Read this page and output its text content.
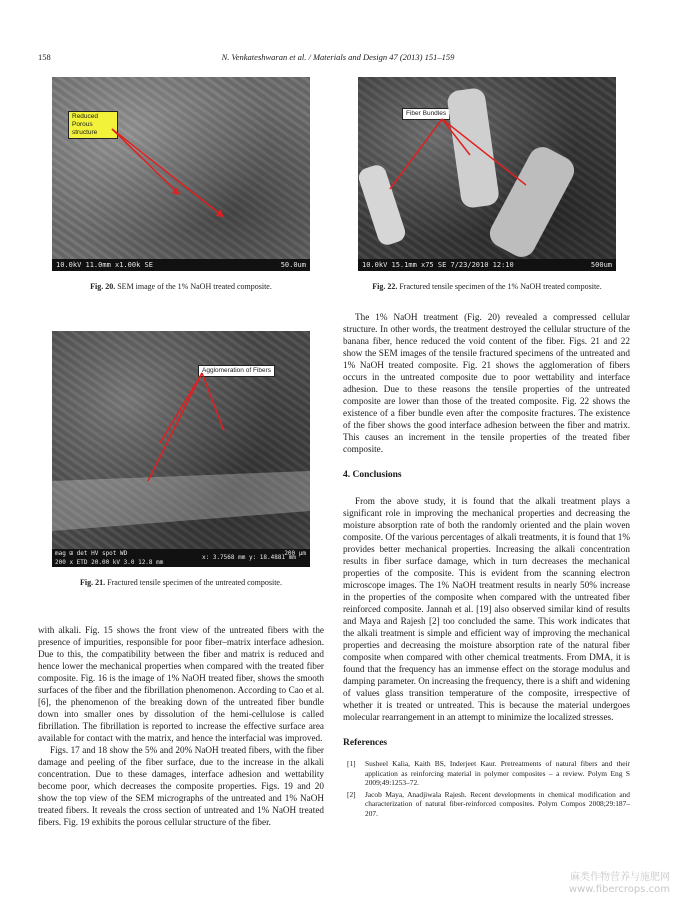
158	N. Venkateshwaran et al. / Materials and Design 47 (2013) 151–159
Reduced Porous structure
10.0kV 11.0mm x1.00k SE	50.0um
Fig. 20. SEM image of the 1% NaOH treated composite.
Fiber Bundles
10.0kV 15.1mm x75 SE 7/23/2010 12:10	500um
Fig. 22. Fractured tensile specimen of the 1% NaOH treated composite.
Agglomeration of Fibers
mag ⊞ det HV spot WD
200 x ETD 20.00 kV 3.0 12.8 mm
x: 3.7568 mm y: 18.4881 mm
200 μm
Fig. 21. Fractured tensile specimen of the untreated composite.

with alkali. Fig. 15 shows the front view of the untreated fibers with the presence of impurities, responsible for poor fiber–matrix interface adhesion. Due to this, the compatibility between the fiber and matrix is reduced and hence lower the mechanical properties when compared with the treated fiber composite. Fig. 16 is the image of 1% NaOH treated fiber, shows the smooth surfaces of the fiber and the fibrillation phenomenon. According to Cao et al. [6], the phenomenon of the breaking down of the untreated fiber bundle down into smaller ones by dissolution of the hemi-cellulose is called fibrillation. The fibrillation is reported to increase the effective surface area available for contact with the matrix, and hence the interfacial was improved.

Figs. 17 and 18 show the 5% and 20% NaOH treated fibers, with the fiber damage and peeling of the fiber surface, due to the increase in the alkali concentration. Due to these damages, interface adhesion and wettability become poor, which decreases the composite properties. Figs. 19 and 20 show the top view of the SEM micrographs of the untreated and 1% NaOH treated fibers. It reveals the cross section of untreated and 1% NaOH treated fibers. Fig. 19 exhibits the porous cellular structure of the fiber.

The 1% NaOH treatment (Fig. 20) revealed a compressed cellular structure. In other words, the treatment destroyed the cellular structure of the banana fiber, hence reduced the void content of the fiber. Figs. 21 and 22 show the SEM images of the tensile fractured specimens of the untreated and 1% NaOH treated composite. Fig. 21 shows the agglomeration of fibers occurs in the untreated composite due to poor wettability and interface adhesion. Due to these reasons the tensile properties of the untreated composite are lower than those of the treated composite. Fig. 22 shows the existence of a fiber bundle even after the composite fractures. The existence of the fiber shows the good interface adhesion between the fiber and matrix. This causes an increment in the tensile properties of the treated fiber composite.

4. Conclusions

From the above study, it is found that the alkali treatment plays a significant role in improving the mechanical properties and decreasing the moisture absorption rate of both the randomly oriented and the plain woven composite. Of the various percentages of alkali treatments, it is found that 1% provides better mechanical properties. Increasing the alkali concentration results in fiber surface damage, which in turn decreases the mechanical properties of the composite. This is evident from the scanning electron microscope images. The 1% NaOH treatment results in nearly 50% increase in the properties of the composite when compared with the untreated fiber reinforced composite. Jannah et al. [19] also observed similar kind of results and Maya and Rajesh [2] too concluded the same. This work indicates that the alkali treatment is simple and efficient way of improving the mechanical properties and decreasing the moisture absorption rate of the natural fiber composite when compared with other chemical treatments. From DMA, it is found that the frequency has an immense effect on the storage modulus and damping parameter. On increasing the frequency, there is a shift and widening of values glass transition temperature of the composite, irrespective of whether it is treated or untreated. This is because the material undergoes molecular rearrangement in an attempt to minimize the localized stresses.

References
[1] Susheel Kalia, Kaith BS, Inderjeet Kaur. Pretreatments of natural fibers and their application as reinforcing material in polymer composites – a review. Polym Eng S 2009;49:1253–72.
[2] Jacob Maya, Anadjiwala Rajesh. Recent developments in chemical modification and characterization of natural fiber-reinforced composites. Polym Compos 2008;29:187–207.
麻类作物营养与施肥网
www.fibercrops.com
